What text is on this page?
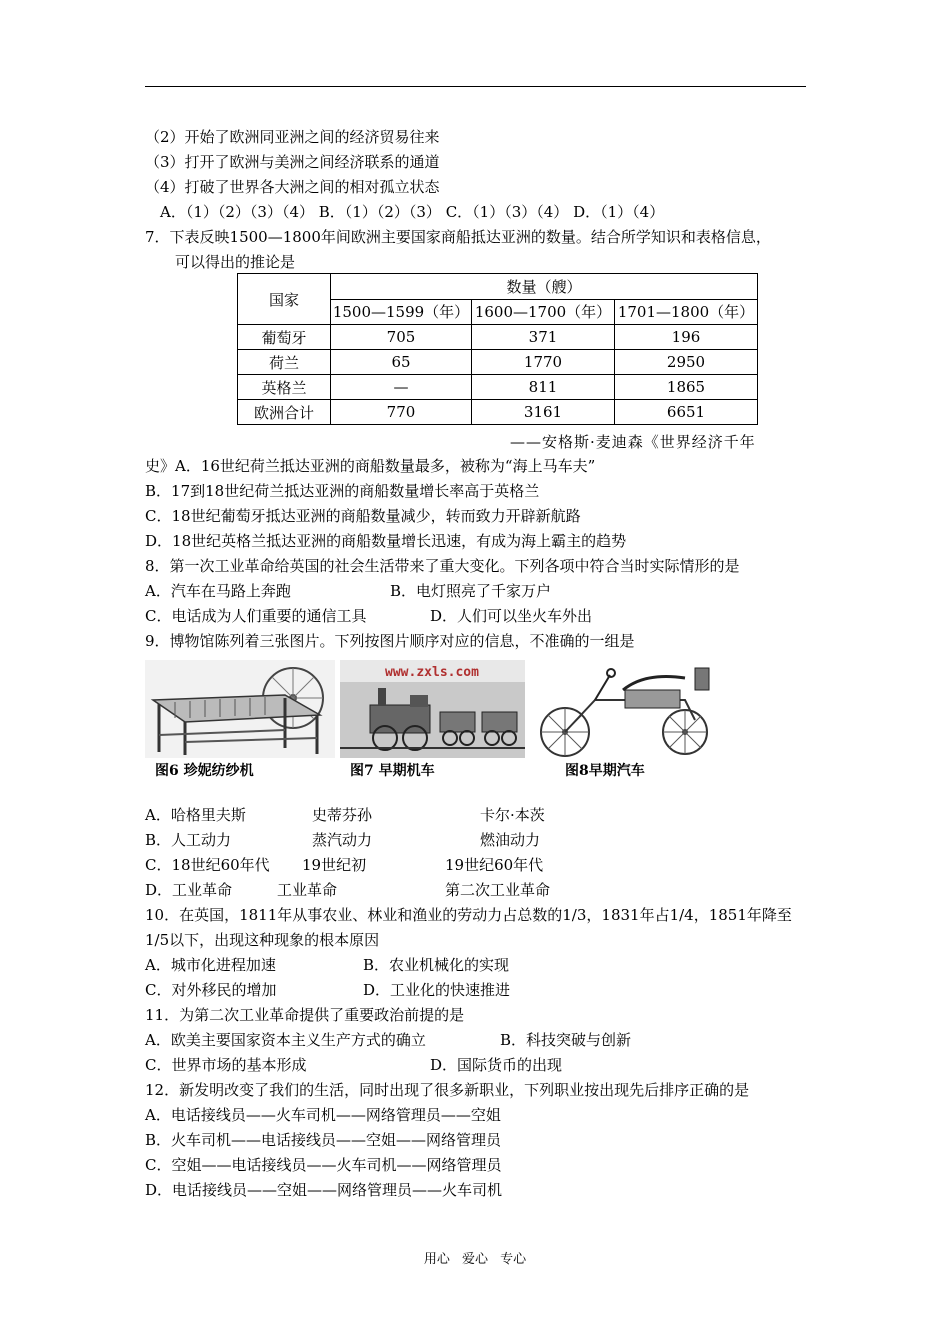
（2）开始了欧洲同亚洲之间的经济贸易往来
（3）打开了欧洲与美洲之间经济联系的通道
（4）打破了世界各大洲之间的相对孤立状态
A．（1）（2）（3）（4） B．（1）（2）（3） C．（1）（3）（4） D．（1）（4）
7．下表反映1500—1800年间欧洲主要国家商船抵达亚洲的数量。结合所学知识和表格信息，
可以得出的推论是
国家	数量（艘）		
	1500—1599（年）	1600—1700（年）	1701—1800（年）
葡萄牙	705	371	196
荷兰	65	1770	2950
英格兰	—	811	1865
欧洲合计	770	3161	6651
——安格斯·麦迪森《世界经济千年
史》A．16世纪荷兰抵达亚洲的商船数量最多，被称为“海上马车夫”
B．17到18世纪荷兰抵达亚洲的商船数量增长率高于英格兰
C．18世纪葡萄牙抵达亚洲的商船数量减少，转而致力开辟新航路
D．18世纪英格兰抵达亚洲的商船数量增长迅速，有成为海上霸主的趋势
8．第一次工业革命给英国的社会生活带来了重大变化。下列各项中符合当时实际情形的是
A．汽车在马路上奔跑	B．电灯照亮了千家万户
C．电话成为人们重要的通信工具	D．人们可以坐火车外出
9．博物馆陈列着三张图片。下列按图片顺序对应的信息，不准确的一组是
www.zxls.com
图6 珍妮纺纱机	图7 早期机车	图8早期汽车
A．哈格里夫斯	史蒂芬孙	卡尔·本茨
B．人工动力	蒸汽动力	燃油动力
C．18世纪60年代 19世纪初	19世纪60年代
D．工业革命	工业革命	第二次工业革命
10．在英国，1811年从事农业、林业和渔业的劳动力占总数的1/3，1831年占1/4，1851年降至
1/5以下，出现这种现象的根本原因
A．城市化进程加速	B．农业机械化的实现
C．对外移民的增加	D．工业化的快速推进
11．为第二次工业革命提供了重要政治前提的是
A．欧美主要国家资本主义生产方式的确立	B．科技突破与创新
C．世界市场的基本形成	D．国际货币的出现
12．新发明改变了我们的生活，同时出现了很多新职业，下列职业按出现先后排序正确的是
A．电话接线员——火车司机——网络管理员——空姐
B．火车司机——电话接线员——空姐——网络管理员
C．空姐——电话接线员——火车司机——网络管理员
D．电话接线员——空姐——网络管理员——火车司机
用心 爱心 专心
